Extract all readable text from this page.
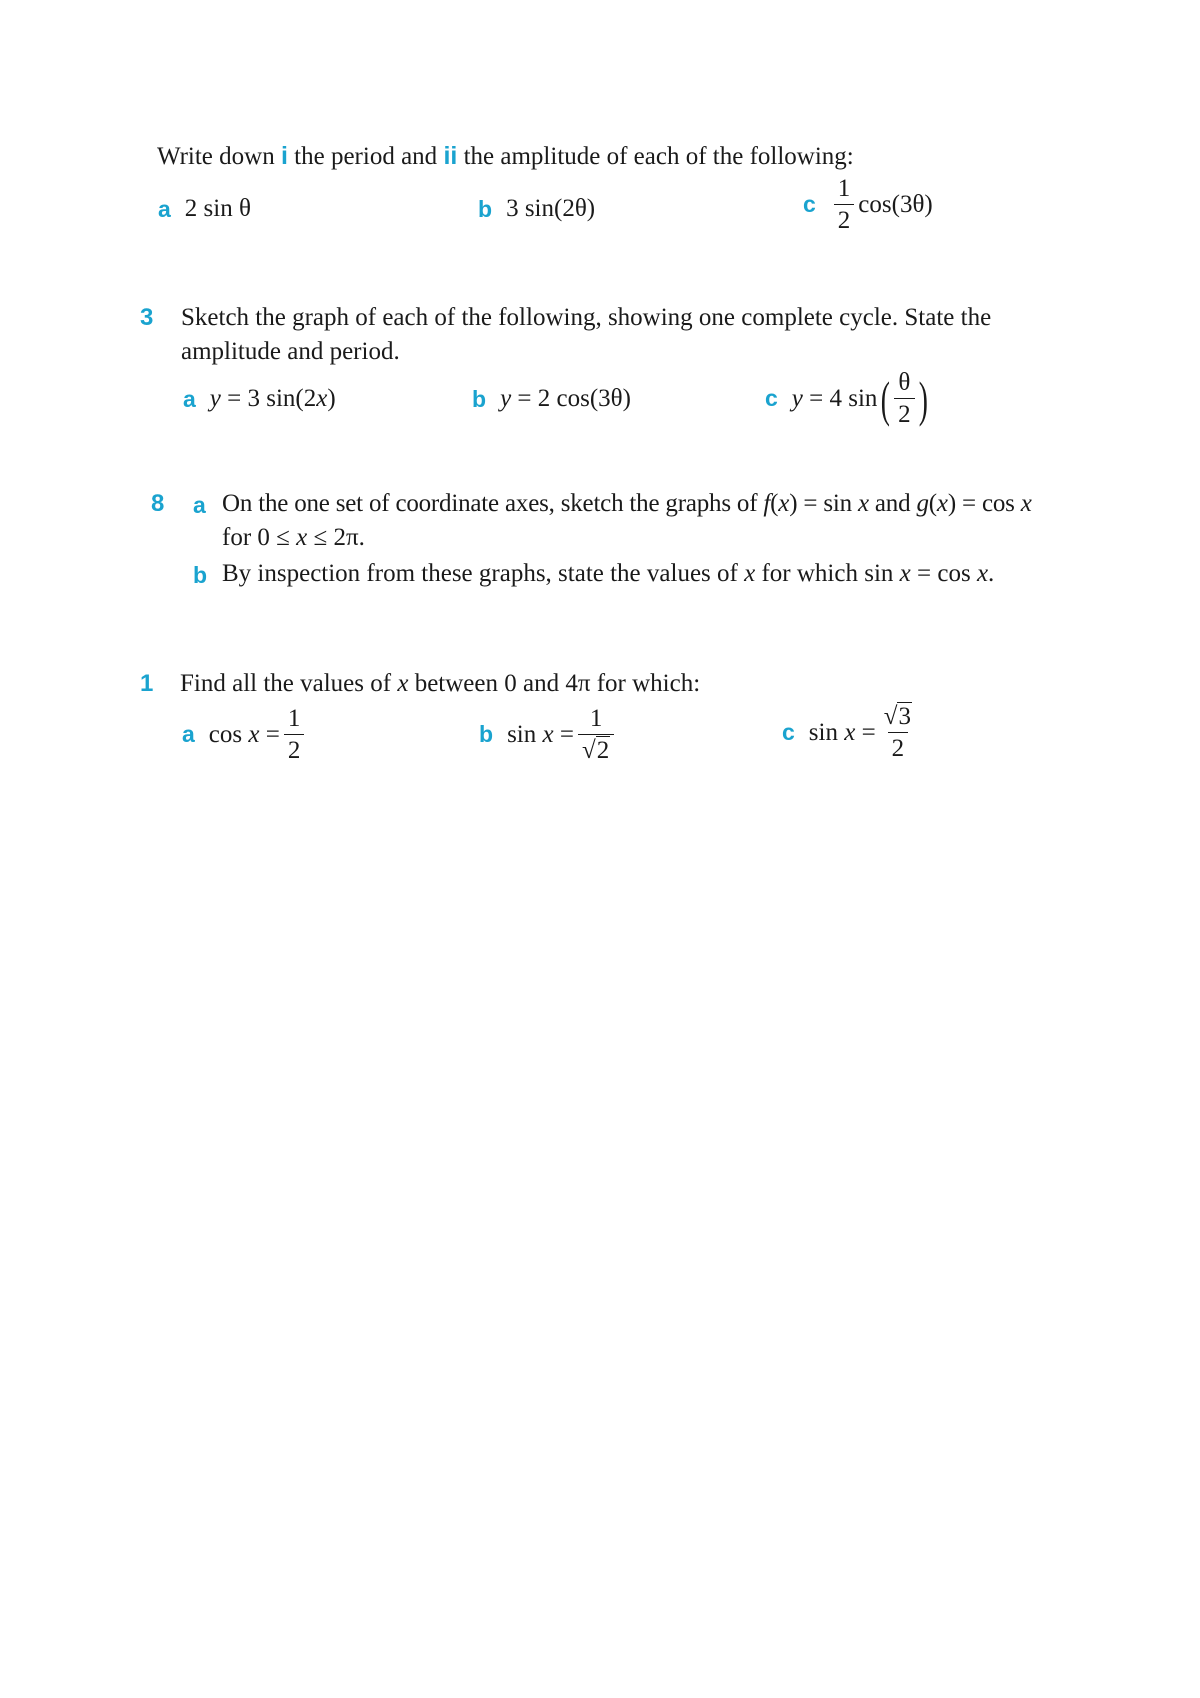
Write down i the period and ii the amplitude of each of the following:
a 2 sin θ	b 3 sin(2θ)	c $\frac{1}{2} \cos(3\theta)$
3 Sketch the graph of each of the following, showing one complete cycle. State the
amplitude and period.
a y = 3 sin(2 x )	b y = 2 cos(3θ)	c y = 4 sin ( $\frac{\theta}{2}$ )
8 a On the one set of coordinate axes, sketch the graphs of f(x) = sin x and g(x) = cos x
for 0 ≤ x ≤ 2π.
b By inspection from these graphs, state the values of x for which sin x = cos x.
1 Find all the values of x between 0 and 4π for which:
a $\cos x = \frac{1}{2}$	b $\sin x = \frac{1}{√2}$	c $\sin x = \frac{√3}{2}$
